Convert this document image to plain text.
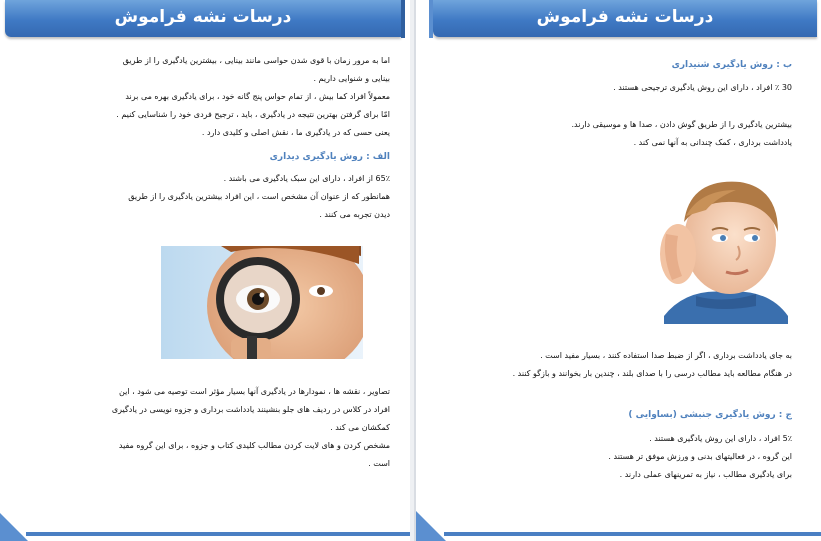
درسات نشه فراموش
اما به مرور زمان با قوی شدن حواسی مانند بینایی ، بیشترین یادگیری را از طریق
بینایی و شنوایی داریم .
معمولاً افراد کما بیش ، از تمام حواس پنج گانه خود ، برای یادگیری بهره می برند
امّا برای گرفتن بهترین نتیجه در یادگیری ، باید ، ترجیح فردی خود را شناسایی کنیم .
یعنی حسی که در یادگیری ما ، نقش اصلی و کلیدی دارد .
الف : روش یادگیری دیداری
65٪ از افراد ، دارای این سبک یادگیری می باشند .
همانطور که از عنوان آن مشخص است ، این افراد بیشترین یادگیری را از طریق
دیدن تجربه می کنند .
تصاویر ، نقشه ها ، نمودارها در یادگیری آنها بسیار مؤثر است توصیه می شود ، این
افراد در کلاس در ردیف های جلو بنشینند یادداشت برداری و جزوه نویسی در یادگیری
کمکشان می کند .
مشخص کردن و های لایت کردن مطالب کلیدی کتاب و جزوه ، برای این گروه مفید
است .
درسات نشه فراموش
ب : روش یادگیری شنیداری
30 ٪ افراد ، دارای این روش یادگیری ترجیحی هستند .
بیشترین یادگیری را از طریق گوش دادن ، صدا ها و موسیقی دارند.
یادداشت برداری ، کمک چندانی به آنها نمی کند .
به جای یادداشت برداری ، اگر از ضبط صدا استفاده کنند ، بسیار مفید است .
در هنگام مطالعه باید مطالب درسی را با صدای بلند ، چندین بار بخوانند و بازگو کنند .
ج : روش یادگیری جنبشی (بساوایی )
5٪ افراد ، دارای این روش یادگیری هستند .
این گروه ، در فعالیتهای بدنی و ورزش موفق تر هستند .
برای یادگیری مطالب ، نیاز به تمرینهای عملی دارند .
